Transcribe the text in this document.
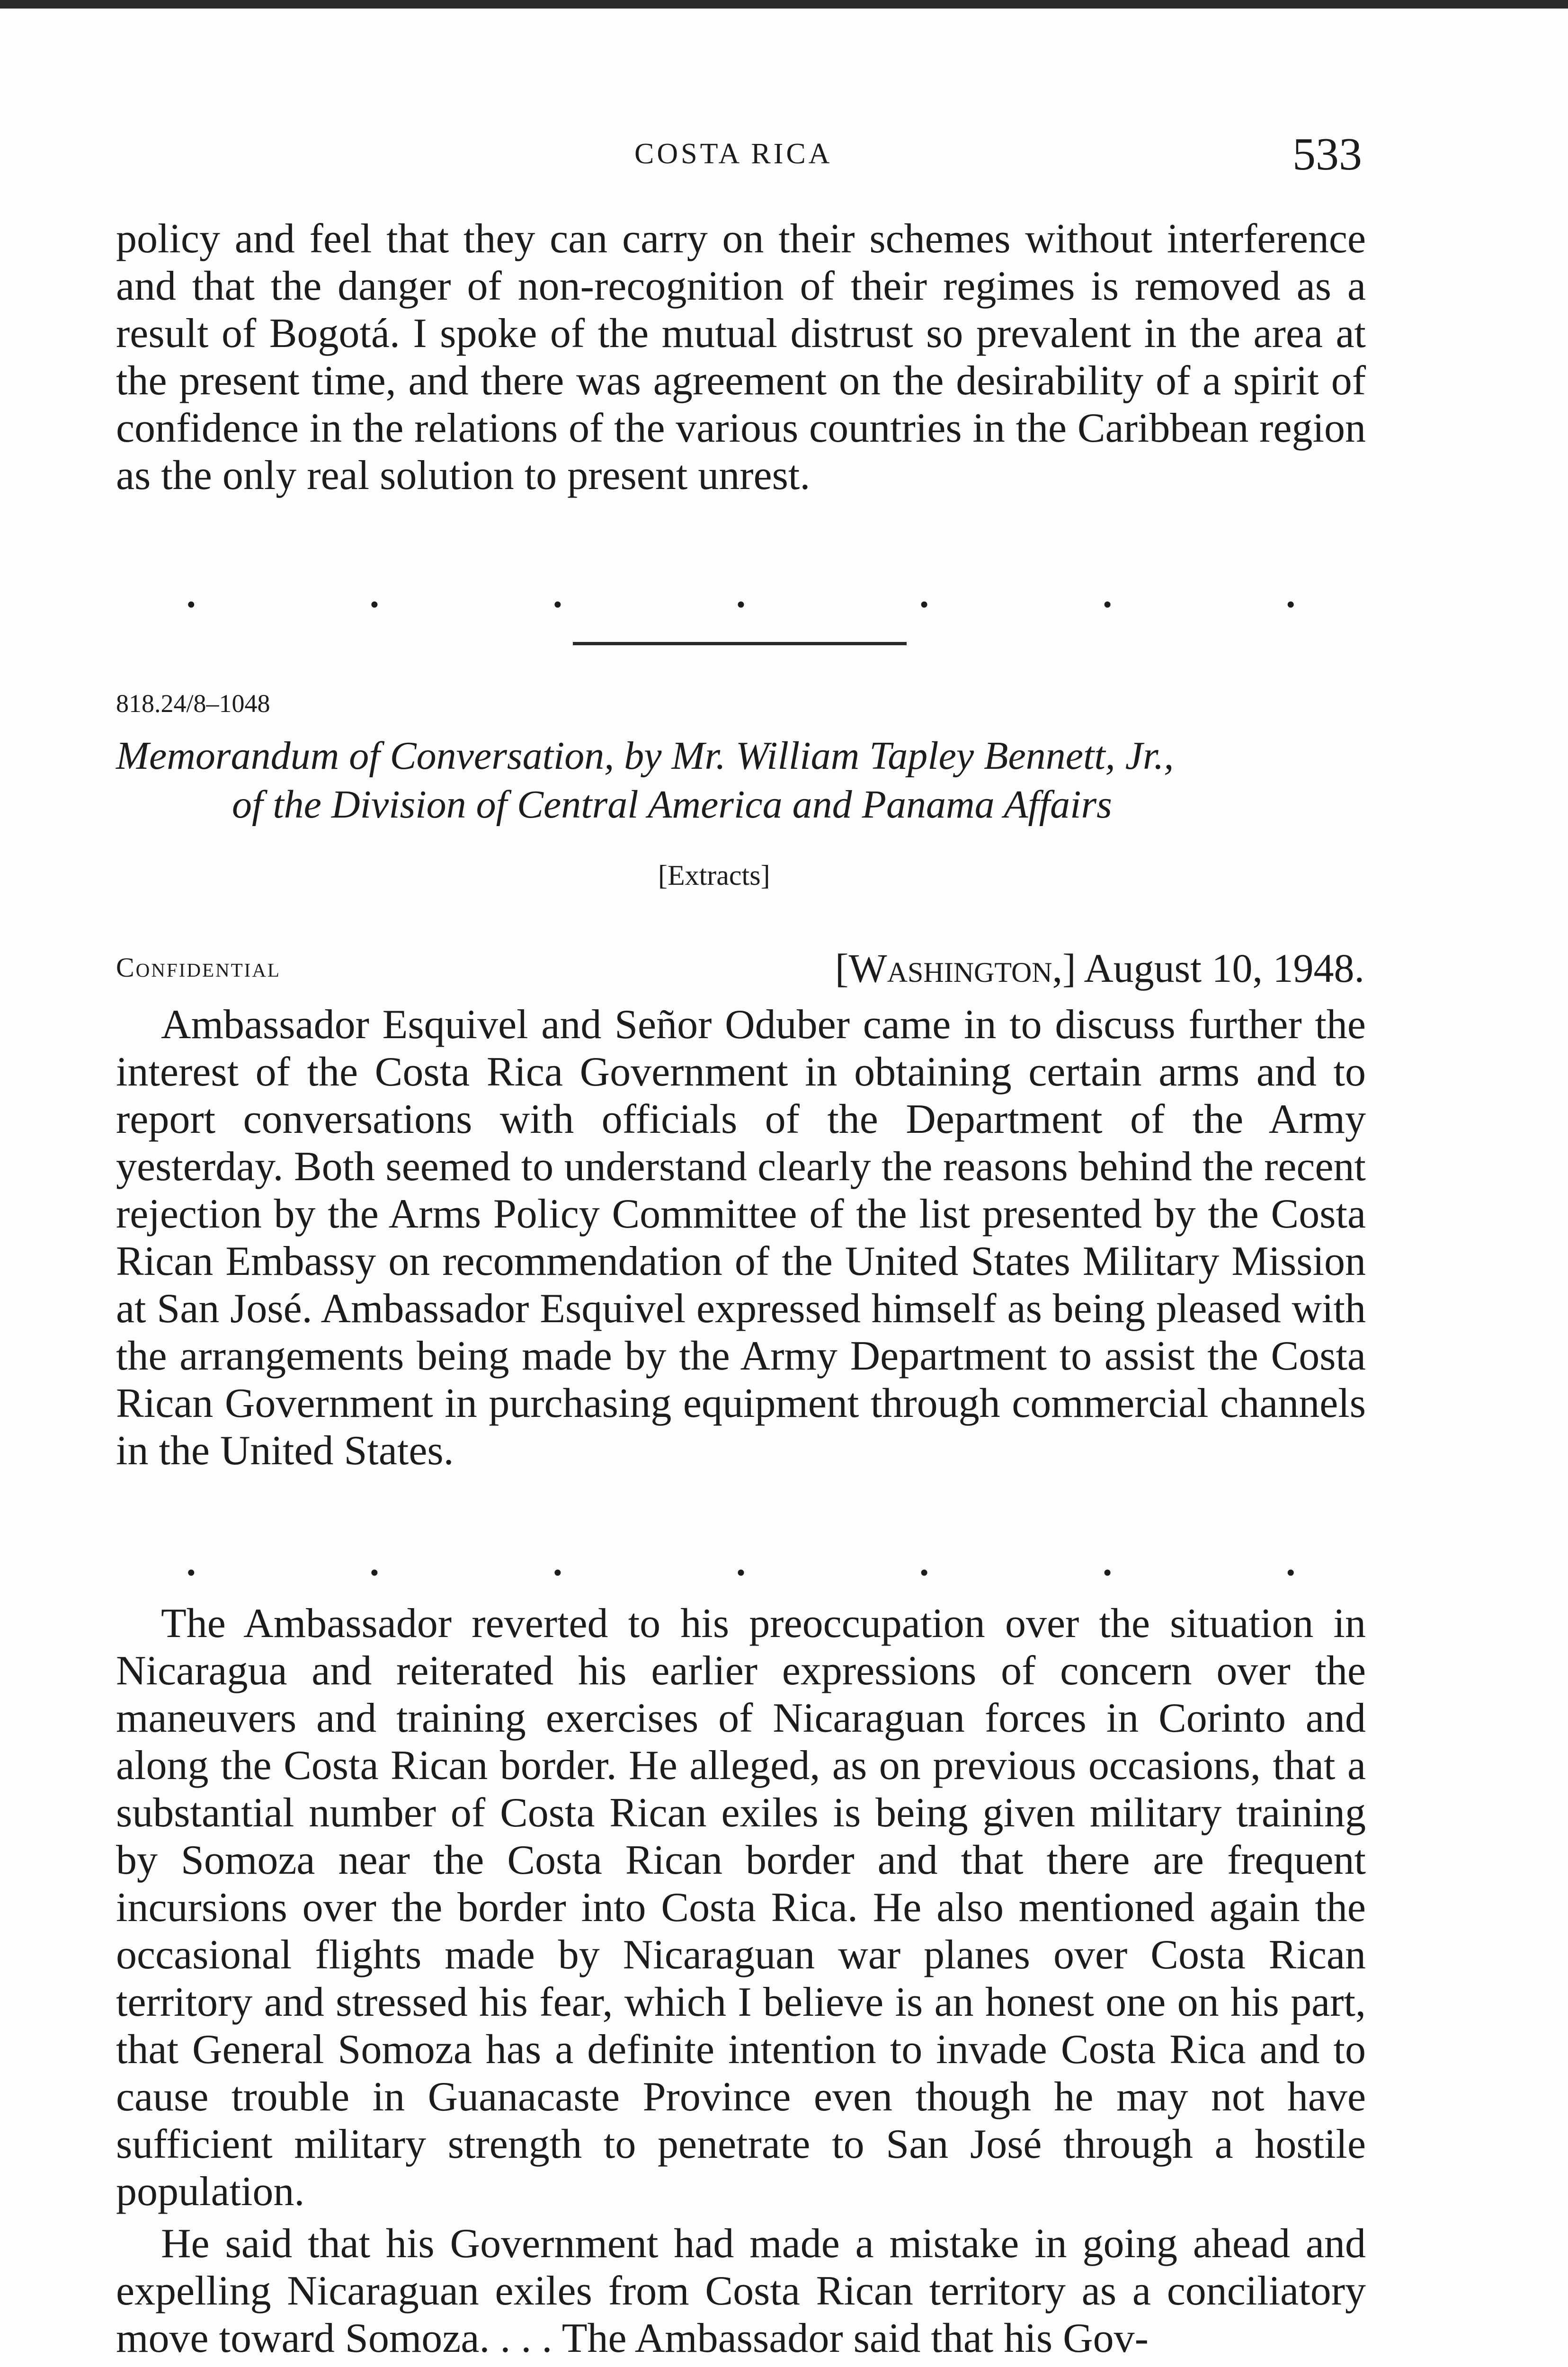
COSTA RICA	533

policy and feel that they can carry on their schemes without interference and that the danger of non-recognition of their regimes is removed as a result of Bogotá. I spoke of the mutual distrust so prevalent in the area at the present time, and there was agreement on the desirability of a spirit of confidence in the relations of the various countries in the Caribbean region as the only real solution to present unrest.

.	.	.	.	.	.	.
818.24/8–1048
Memorandum of Conversation, by Mr. William Tapley Bennett, Jr.,
of the Division of Central America and Panama Affairs
[Extracts]
Confidential	[Washington,] August 10, 1948.

Ambassador Esquivel and Señor Oduber came in to discuss further the interest of the Costa Rica Government in obtaining certain arms and to report conversations with officials of the Department of the Army yesterday. Both seemed to understand clearly the reasons behind the recent rejection by the Arms Policy Committee of the list presented by the Costa Rican Embassy on recommendation of the United States Military Mission at San José. Ambassador Esquivel expressed himself as being pleased with the arrangements being made by the Army Department to assist the Costa Rican Government in purchasing equipment through commercial channels in the United States.

.	.	.	.	.	.	.

The Ambassador reverted to his preoccupation over the situation in Nicaragua and reiterated his earlier expressions of concern over the maneuvers and training exercises of Nicaraguan forces in Corinto and along the Costa Rican border. He alleged, as on previous occasions, that a substantial number of Costa Rican exiles is being given military training by Somoza near the Costa Rican border and that there are frequent incursions over the border into Costa Rica. He also mentioned again the occasional flights made by Nicaraguan war planes over Costa Rican territory and stressed his fear, which I believe is an honest one on his part, that General Somoza has a definite intention to invade Costa Rica and to cause trouble in Guanacaste Province even though he may not have sufficient military strength to penetrate to San José through a hostile population.

He said that his Government had made a mistake in going ahead and expelling Nicaraguan exiles from Costa Rican territory as a conciliatory move toward Somoza. . . . The Ambassador said that his Gov-
